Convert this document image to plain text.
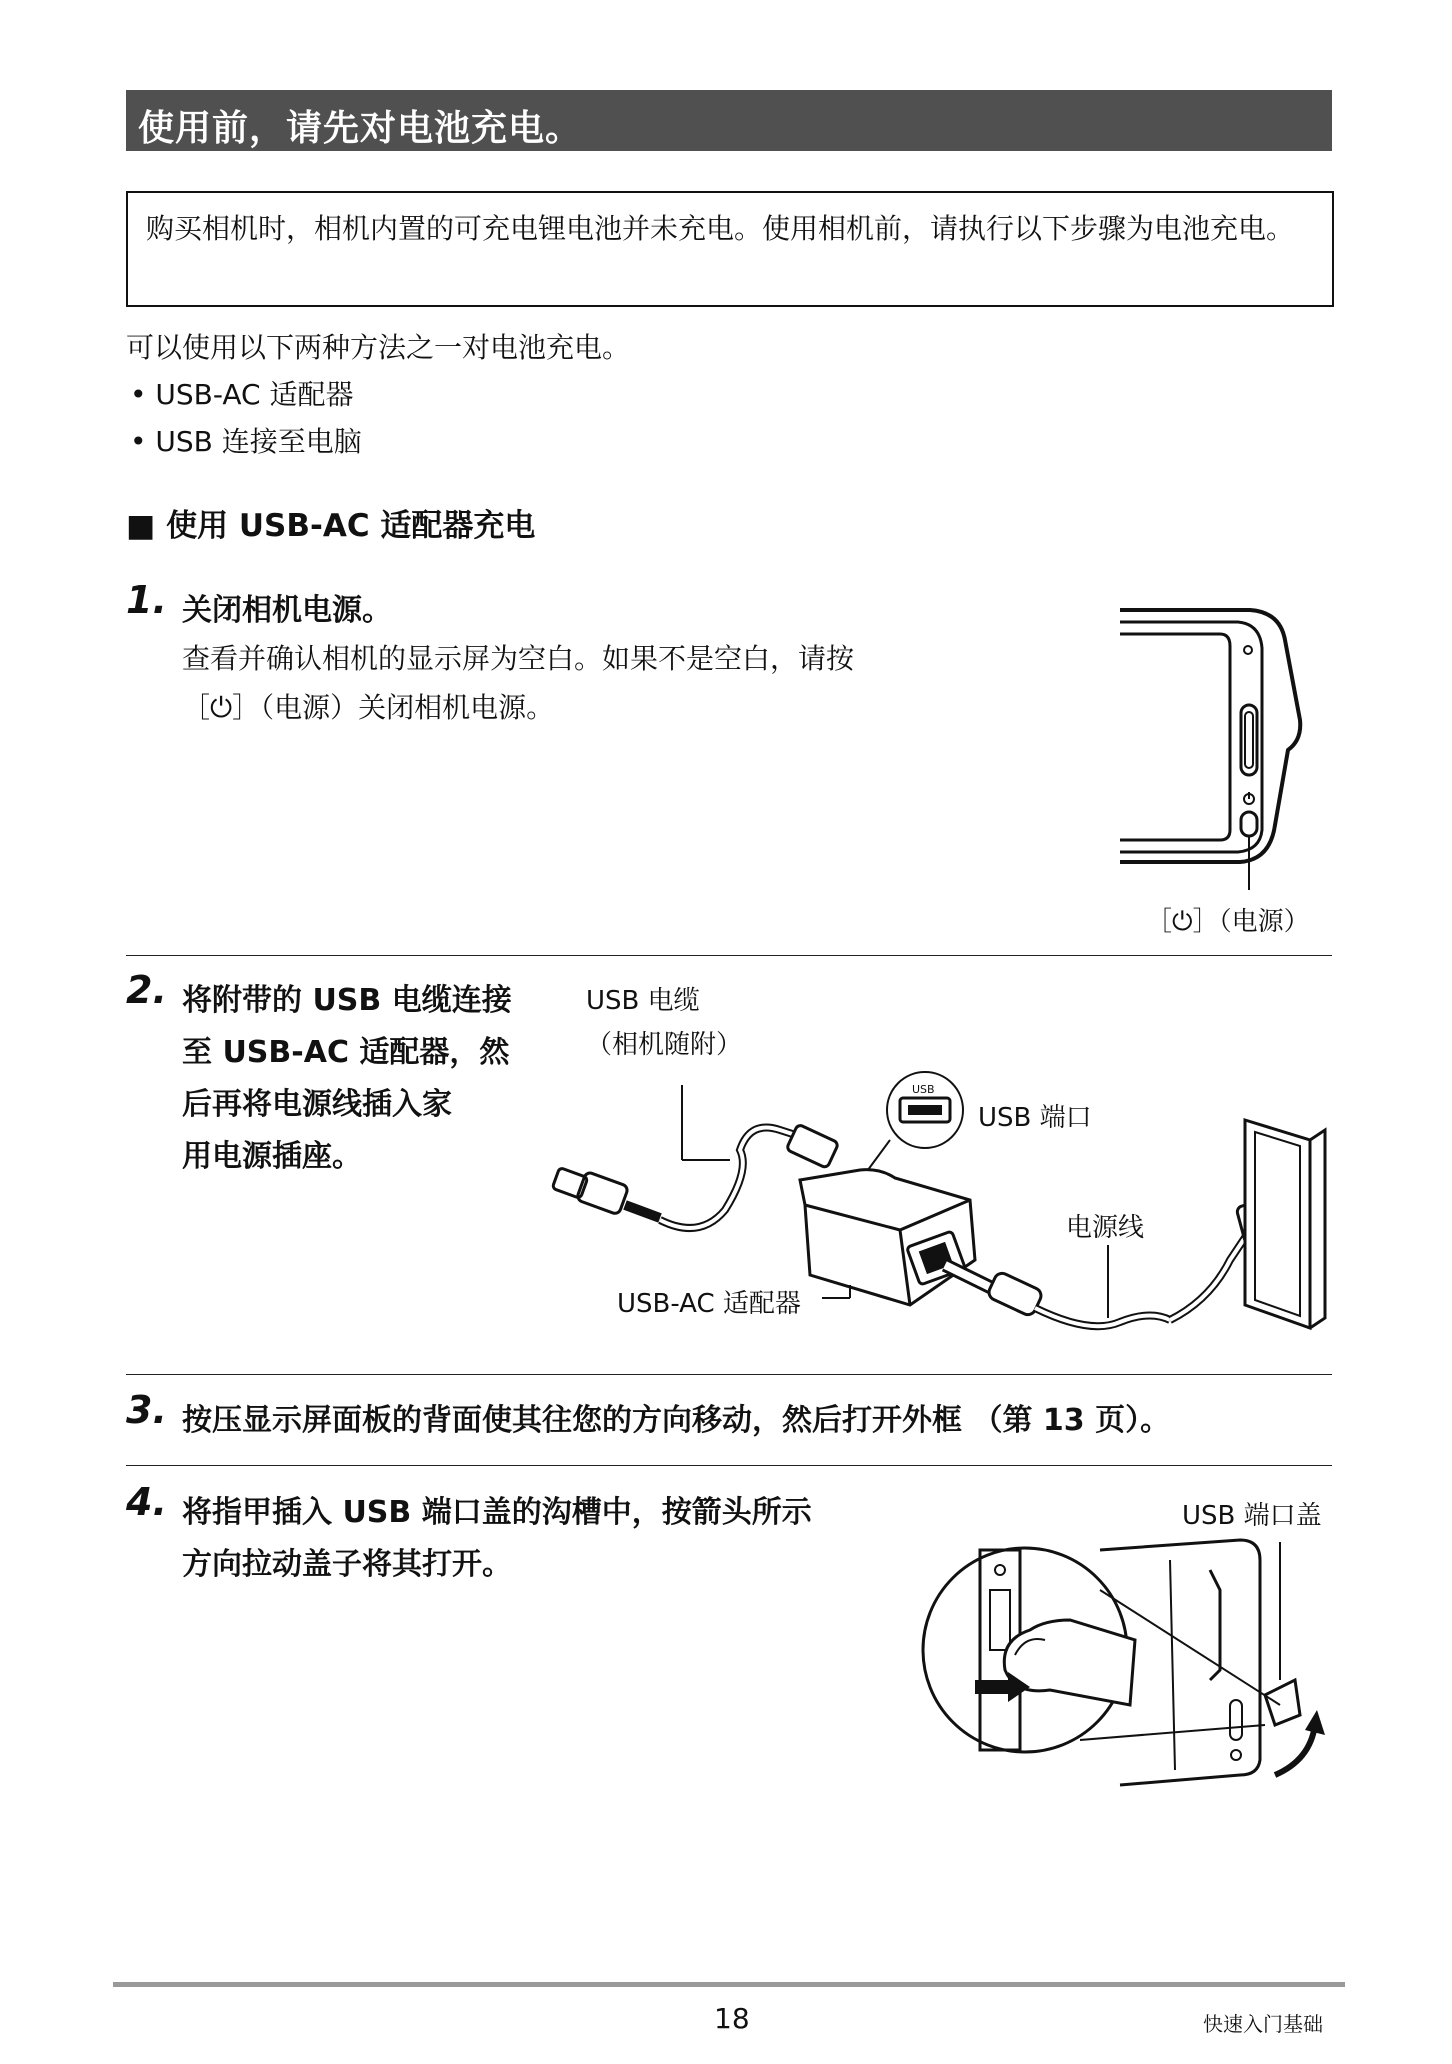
使用前，请先对电池充电。
购买相机时，相机内置的可充电锂电池并未充电。使用相机前，请执行以下步骤为电池充电。
可以使用以下两种方法之一对电池充电。
• USB-AC 适配器
• USB 连接至电脑
■ 使用 USB-AC 适配器充电
1. 关闭相机电源。
查看并确认相机的显示屏为空白。如果不是空白，请按
［⏻］（电源）关闭相机电源。
［⏻］（电源）
2. 将附带的 USB 电缆连接
至 USB-AC 适配器，然
后再将电源线插入家
用电源插座。
USB 电缆
（相机随附）
USB 端口
电源线
USB-AC 适配器
USB
3. 按压显示屏面板的背面使其往您的方向移动，然后打开外框 （第 13 页）。
4. 将指甲插入 USB 端口盖的沟槽中，按箭头所示
方向拉动盖子将其打开。
USB 端口盖
18	快速入门基础
